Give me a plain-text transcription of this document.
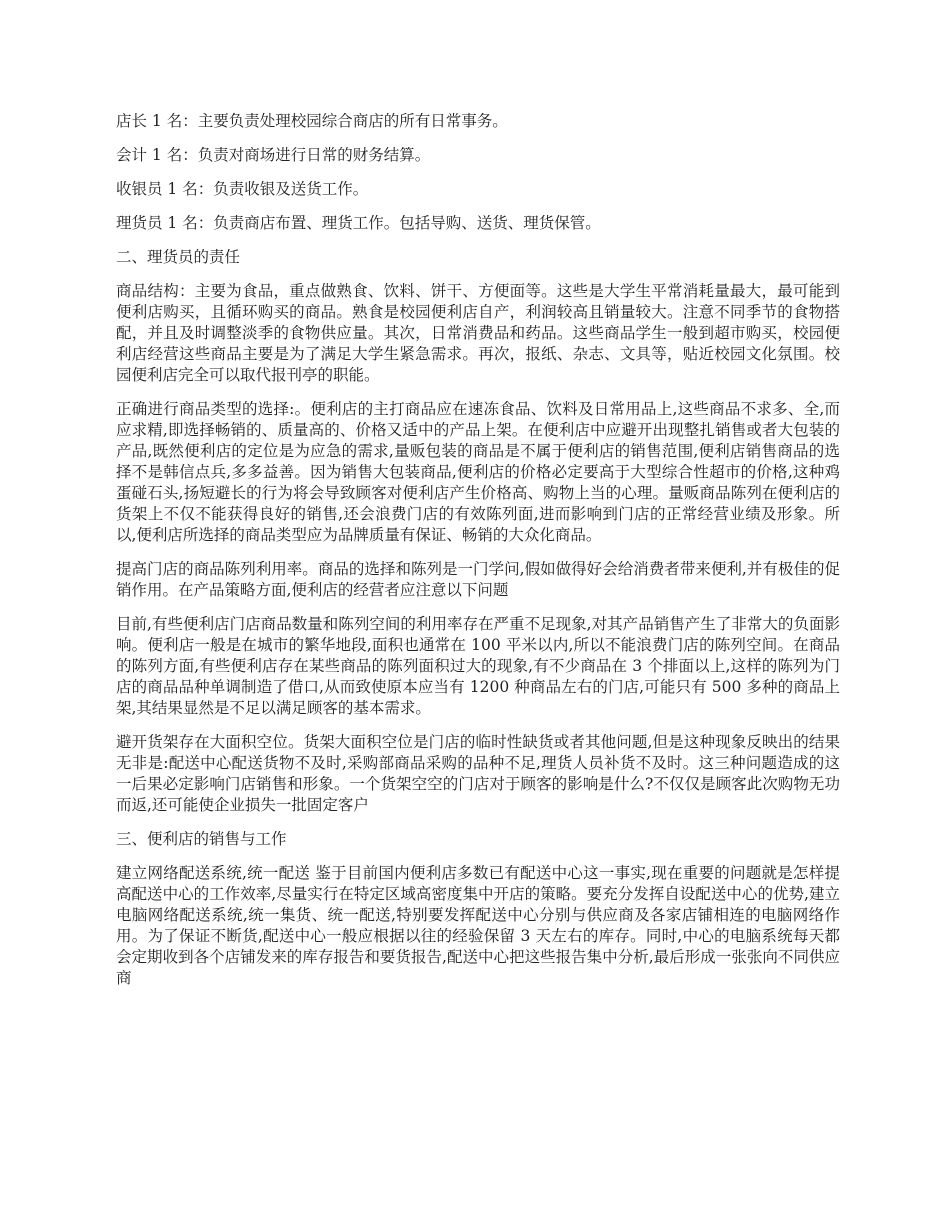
店长 1 名：主要负责处理校园综合商店的所有日常事务。

会计 1 名：负责对商场进行日常的财务结算。

收银员 1 名：负责收银及送货工作。

理货员 1 名：负责商店布置、理货工作。包括导购、送货、理货保管。

二、理货员的责任

商品结构：主要为食品，重点做熟食、饮料、饼干、方便面等。这些是大学生平常消耗量最大，最可能到便利店购买，且循环购买的商品。熟食是校园便利店自产，利润较高且销量较大。注意不同季节的食物搭配，并且及时调整淡季的食物供应量。其次，日常消费品和药品。这些商品学生一般到超市购买，校园便利店经营这些商品主要是为了满足大学生紧急需求。再次，报纸、杂志、文具等，贴近校园文化氛围。校园便利店完全可以取代报刊亭的职能。

正确进行商品类型的选择:。便利店的主打商品应在速冻食品、饮料及日常用品上,这些商品不求多、全,而应求精,即选择畅销的、质量高的、价格又适中的产品上架。在便利店中应避开出现整扎销售或者大包装的产品,既然便利店的定位是为应急的需求,量贩包装的商品是不属于便利店的销售范围,便利店销售商品的选择不是韩信点兵,多多益善。因为销售大包装商品,便利店的价格必定要高于大型综合性超市的价格,这种鸡蛋碰石头,扬短避长的行为将会导致顾客对便利店产生价格高、购物上当的心理。量贩商品陈列在便利店的货架上不仅不能获得良好的销售,还会浪费门店的有效陈列面,进而影响到门店的正常经营业绩及形象。所以,便利店所选择的商品类型应为品牌质量有保证、畅销的大众化商品。

提高门店的商品陈列利用率。商品的选择和陈列是一门学问,假如做得好会给消费者带来便利,并有极佳的促销作用。在产品策略方面,便利店的经营者应注意以下问题

目前,有些便利店门店商品数量和陈列空间的利用率存在严重不足现象,对其产品销售产生了非常大的负面影响。便利店一般是在城市的繁华地段,面积也通常在 100 平米以内,所以不能浪费门店的陈列空间。在商品的陈列方面,有些便利店存在某些商品的陈列面积过大的现象,有不少商品在 3 个排面以上,这样的陈列为门店的商品品种单调制造了借口,从而致使原本应当有 1200 种商品左右的门店,可能只有 500 多种的商品上架,其结果显然是不足以满足顾客的基本需求。

避开货架存在大面积空位。货架大面积空位是门店的临时性缺货或者其他问题,但是这种现象反映出的结果无非是:配送中心配送货物不及时,采购部商品采购的品种不足,理货人员补货不及时。这三种问题造成的这一后果必定影响门店销售和形象。一个货架空空的门店对于顾客的影响是什么?不仅仅是顾客此次购物无功而返,还可能使企业损失一批固定客户

三、便利店的销售与工作

建立网络配送系统,统一配送 鉴于目前国内便利店多数已有配送中心这一事实,现在重要的问题就是怎样提高配送中心的工作效率,尽量实行在特定区域高密度集中开店的策略。要充分发挥自设配送中心的优势,建立电脑网络配送系统,统一集货、统一配送,特别要发挥配送中心分别与供应商及各家店铺相连的电脑网络作用。为了保证不断货,配送中心一般应根据以往的经验保留 3 天左右的库存。同时,中心的电脑系统每天都会定期收到各个店铺发来的库存报告和要货报告,配送中心把这些报告集中分析,最后形成一张张向不同供应商
